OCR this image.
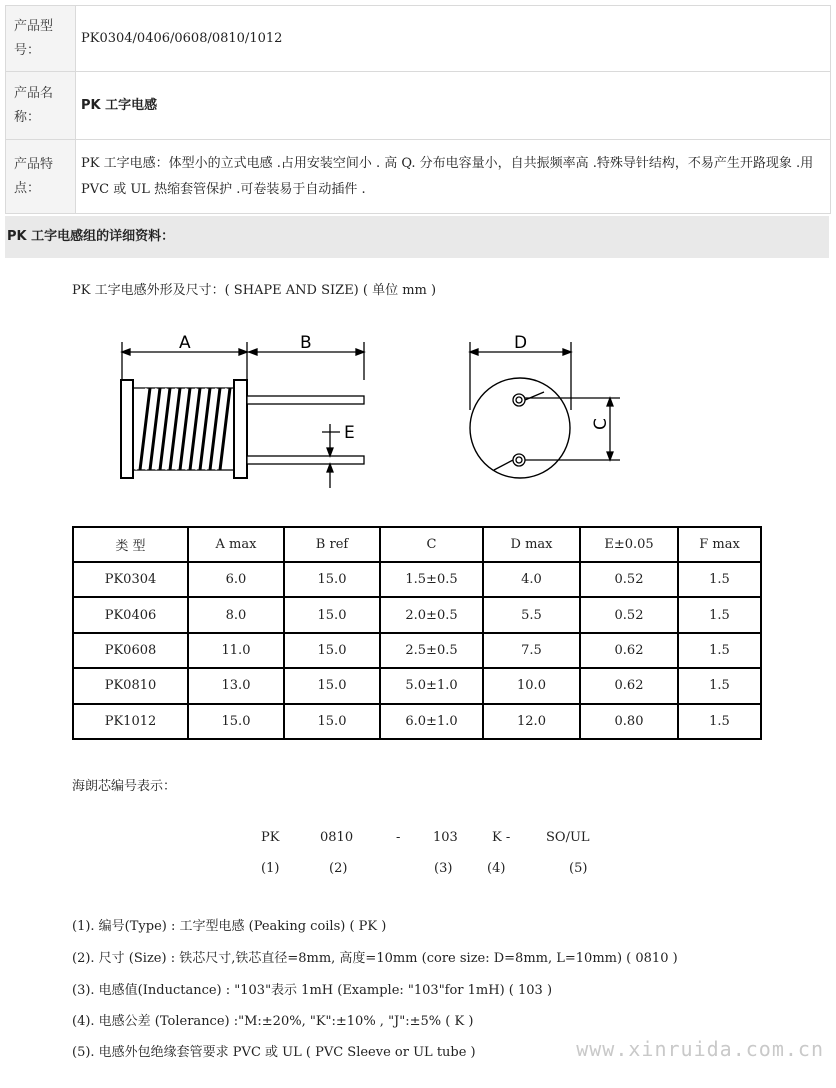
产品型号：	PK0304/0406/0608/0810/1012
产品名称：	PK 工字电感
产品特点：	PK 工字电感：体型小的立式电感 .占用安装空间小 . 高 Q. 分布电容量小，自共振频率高 .特殊导针结构，不易产生开路现象 .用 PVC 或 UL 热缩套管保护 .可卷装易于自动插件 .
PK 工字电感组的详细资料：
PK 工字电感外形及尺寸：( SHAPE AND SIZE) ( 单位 mm )
A	B	D
E	C
类 型	A max	B ref	C	D max	E±0.05	F max
PK0304	6.0	15.0	1.5±0.5	4.0	0.52	1.5
PK0406	8.0	15.0	2.0±0.5	5.5	0.52	1.5
PK0608	11.0	15.0	2.5±0.5	7.5	0.62	1.5
PK0810	13.0	15.0	5.0±1.0	10.0	0.62	1.5
PK1012	15.0	15.0	6.0±1.0	12.0	0.80	1.5
海朗芯编号表示：
PK	0810	-	103	K -	SO/UL
(1)	(2)	(3)	(4)	(5)
(1). 编号(Type) : 工字型电感 (Peaking coils) ( PK )
(2). 尺寸 (Size) : 铁芯尺寸,铁芯直径=8mm, 高度=10mm (core size: D=8mm, L=10mm) ( 0810 )
(3). 电感值(Inductance) : "103"表示 1mH (Example: "103"for 1mH) ( 103 )
(4). 电感公差 (Tolerance) :"M:±20%, "K":±10% , "J":±5% ( K )
(5). 电感外包绝缘套管要求 PVC 或 UL ( PVC Sleeve or UL tube )	www.xinruida.com.cn
